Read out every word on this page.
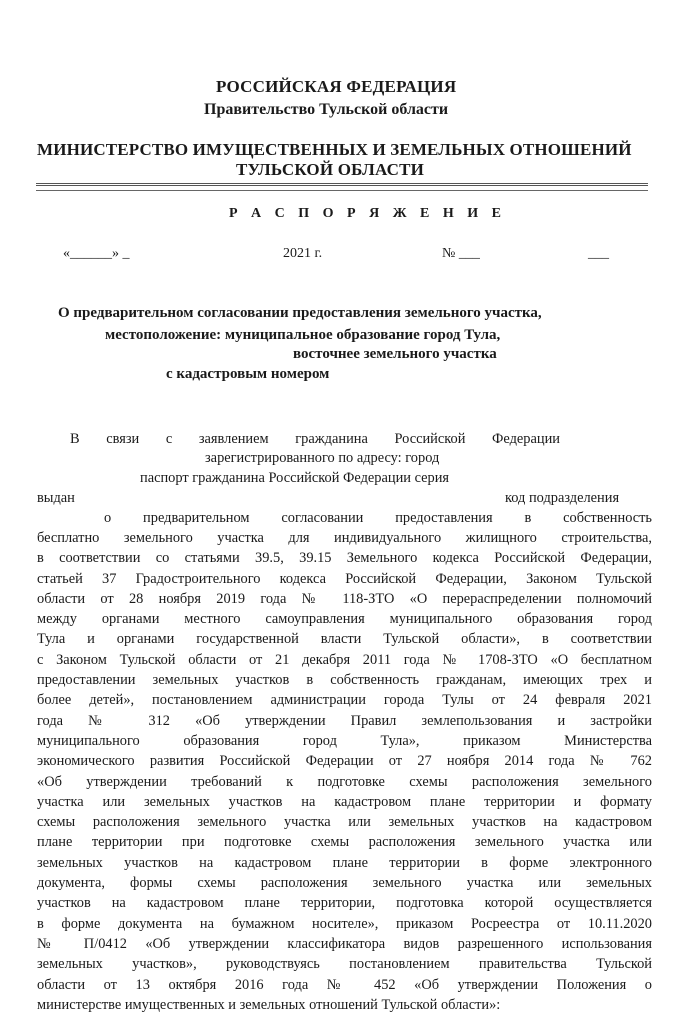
РОССИЙСКАЯ ФЕДЕРАЦИЯ
Правительство Тульской области
МИНИСТЕРСТВО ИМУЩЕСТВЕННЫХ И ЗЕМЕЛЬНЫХ ОТНОШЕНИЙ
ТУЛЬСКОЙ ОБЛАСТИ
Р А С П О Р Я Ж Е Н И Е
«______» _	2021 г.	№ ___	___
О предварительном согласовании предоставления земельного участка,
местоположение: муниципальное образование город Тула,
восточнее земельного участка
с кадастровым номером
В связи с заявлением гражданина Российской Федерации
зарегистрированного по адресу: город
паспорт гражданина Российской Федерации серия
выдан	код подразделения
о предварительном согласовании предоставления в собственность
бесплатно земельного участка для индивидуального жилищного строительства,
в соответствии со статьями 39.5, 39.15 Земельного кодекса Российской Федерации,
статьей 37 Градостроительного кодекса Российской Федерации, Законом Тульской
области от 28 ноября 2019 года № 118-ЗТО «О перераспределении полномочий
между органами местного самоуправления муниципального образования город
Тула и органами государственной власти Тульской области», в соответствии
с Законом Тульской области от 21 декабря 2011 года № 1708-ЗТО «О бесплатном
предоставлении земельных участков в собственность гражданам, имеющих трех и
более детей», постановлением администрации города Тулы от 24 февраля 2021
года № 312 «Об утверждении Правил землепользования и застройки
муниципального образования город Тула», приказом Министерства
экономического развития Российской Федерации от 27 ноября 2014 года № 762
«Об утверждении требований к подготовке схемы расположения земельного
участка или земельных участков на кадастровом плане территории и формату
схемы расположения земельного участка или земельных участков на кадастровом
плане территории при подготовке схемы расположения земельного участка или
земельных участков на кадастровом плане территории в форме электронного
документа, формы схемы расположения земельного участка или земельных
участков на кадастровом плане территории, подготовка которой осуществляется
в форме документа на бумажном носителе», приказом Росреестра от 10.11.2020
№ П/0412 «Об утверждении классификатора видов разрешенного использования
земельных участков», руководствуясь постановлением правительства Тульской
области от 13 октября 2016 года № 452 «Об утверждении Положения о
министерстве имущественных и земельных отношений Тульской области»:
